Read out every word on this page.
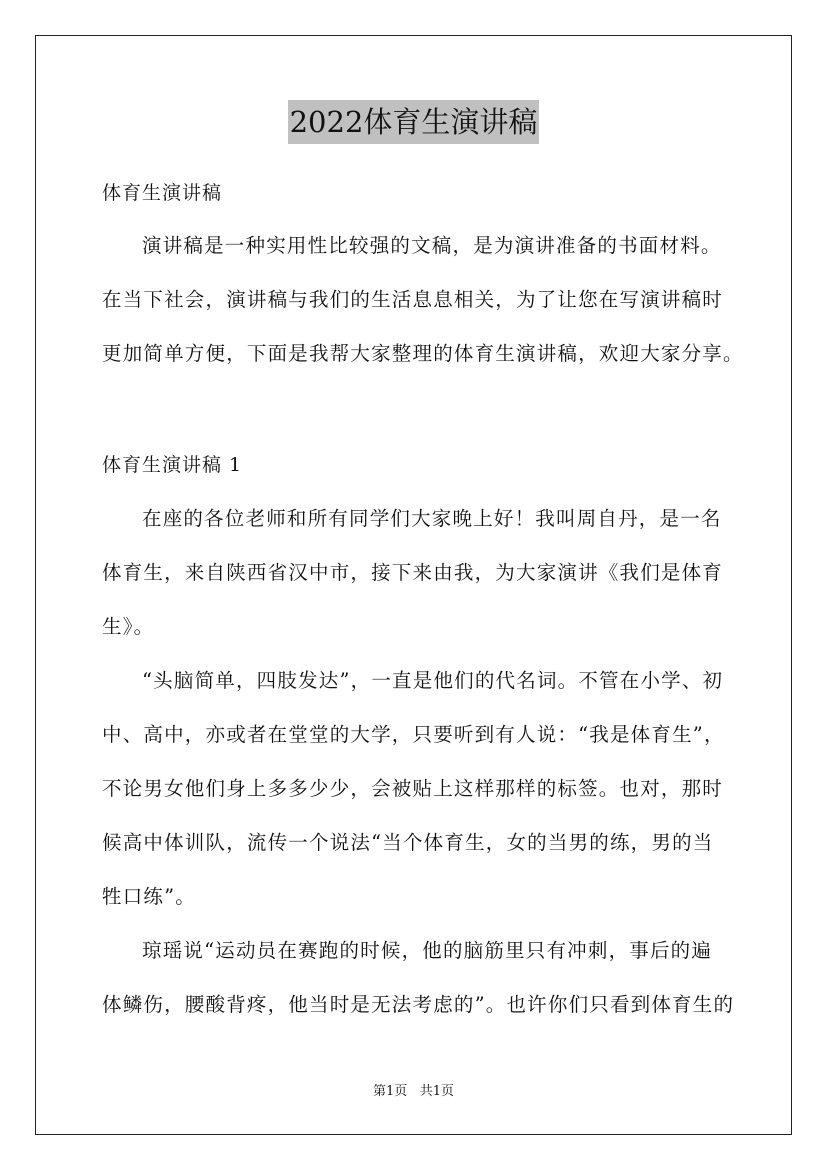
2022体育生演讲稿
体育生演讲稿
演讲稿是一种实用性比较强的文稿，是为演讲准备的书面材料。
在当下社会，演讲稿与我们的生活息息相关，为了让您在写演讲稿时
更加简单方便，下面是我帮大家整理的体育生演讲稿，欢迎大家分享。
体育生演讲稿 1
在座的各位老师和所有同学们大家晚上好！我叫周自丹，是一名
体育生，来自陕西省汉中市，接下来由我，为大家演讲《我们是体育
生》。
“头脑简单，四肢发达”，一直是他们的代名词。不管在小学、初
中、高中，亦或者在堂堂的大学，只要听到有人说：“我是体育生”，
不论男女他们身上多多少少，会被贴上这样那样的标签。也对，那时
候高中体训队，流传一个说法“当个体育生，女的当男的练，男的当
牲口练”。
琼瑶说“运动员在赛跑的时候，他的脑筋里只有冲刺，事后的遍
体鳞伤，腰酸背疼，他当时是无法考虑的”。也许你们只看到体育生的
第1页 共1页
